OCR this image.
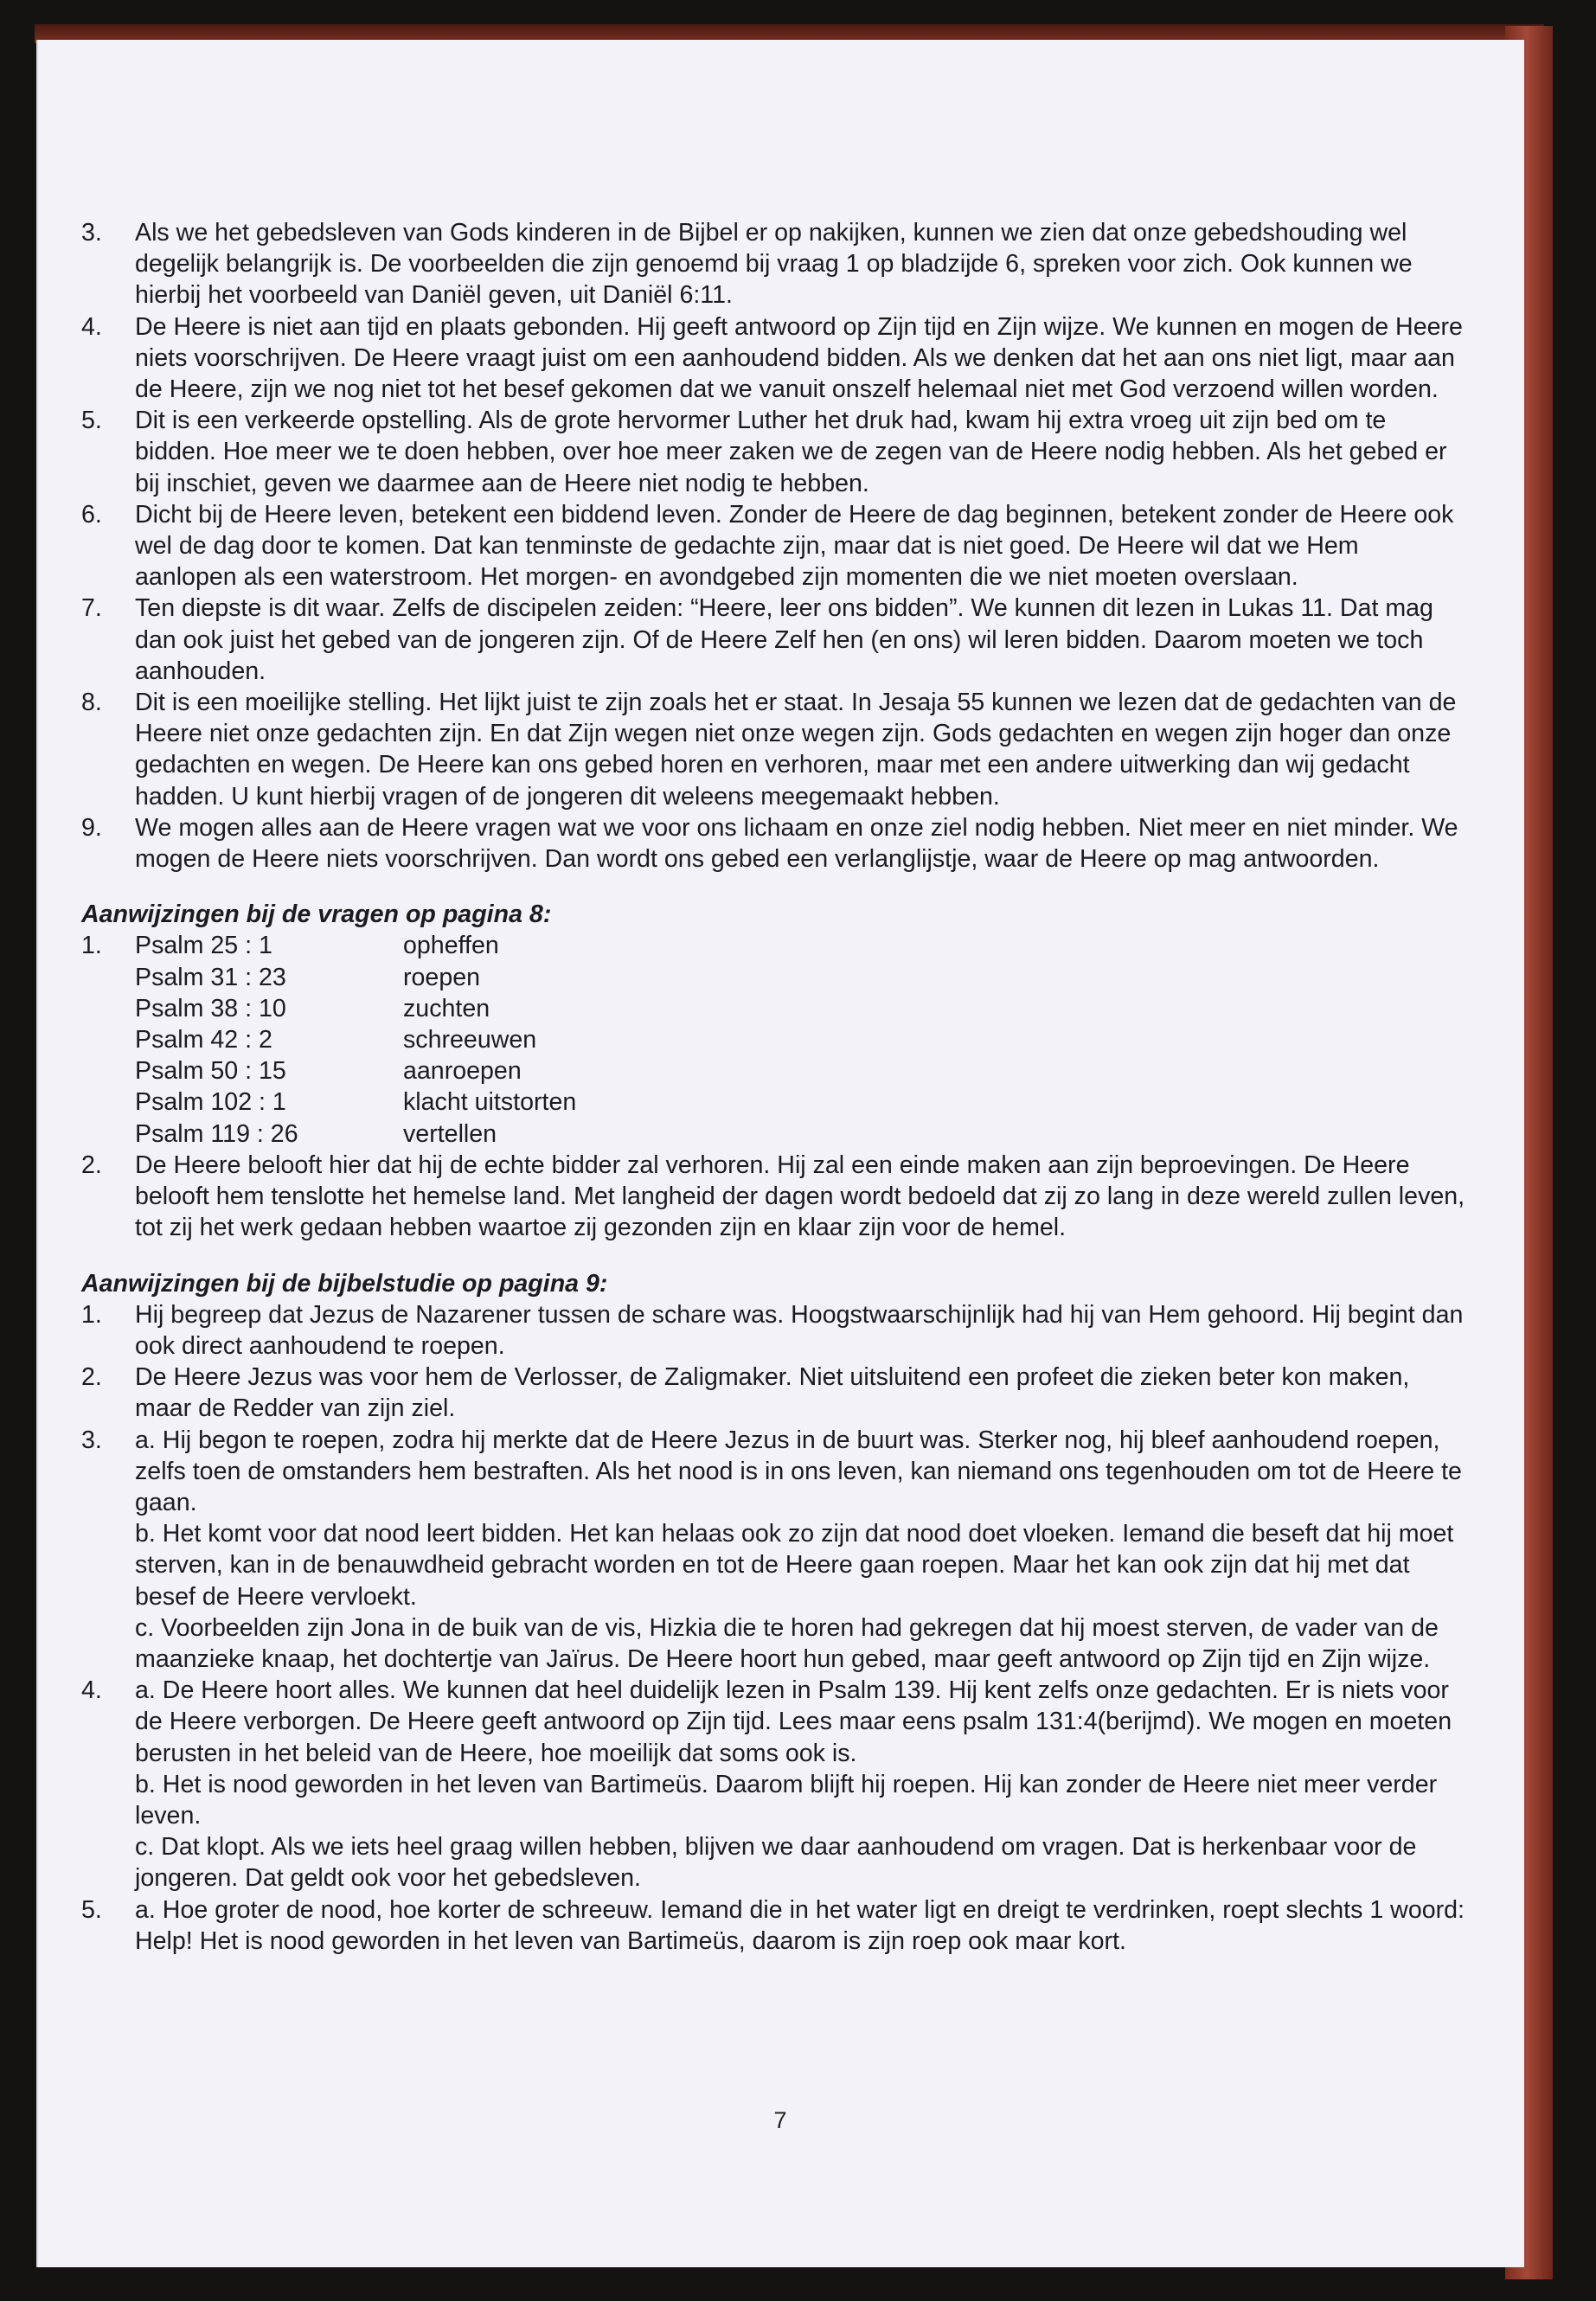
3.	Als we het gebedsleven van Gods kinderen in de Bijbel er op nakijken, kunnen we zien dat onze gebedshouding wel degelijk belangrijk is. De voorbeelden die zijn genoemd bij vraag 1 op bladzijde 6, spreken voor zich. Ook kunnen we hierbij het voorbeeld van Daniël geven, uit Daniël 6:11.
4.	De Heere is niet aan tijd en plaats gebonden. Hij geeft antwoord op Zijn tijd en Zijn wijze. We kunnen en mogen de Heere niets voorschrijven. De Heere vraagt juist om een aanhoudend bidden. Als we denken dat het aan ons niet ligt, maar aan de Heere, zijn we nog niet tot het besef gekomen dat we vanuit onszelf helemaal niet met God verzoend willen worden.
5.	Dit is een verkeerde opstelling. Als de grote hervormer Luther het druk had, kwam hij extra vroeg uit zijn bed om te bidden. Hoe meer we te doen hebben, over hoe meer zaken we de zegen van de Heere nodig hebben. Als het gebed er bij inschiet, geven we daarmee aan de Heere niet nodig te hebben.
6.	Dicht bij de Heere leven, betekent een biddend leven. Zonder de Heere de dag beginnen, betekent zonder de Heere ook wel de dag door te komen. Dat kan tenminste de gedachte zijn, maar dat is niet goed. De Heere wil dat we Hem aanlopen als een waterstroom. Het morgen- en avondgebed zijn momenten die we niet moeten overslaan.
7.	Ten diepste is dit waar. Zelfs de discipelen zeiden: “Heere, leer ons bidden”. We kunnen dit lezen in Lukas 11. Dat mag dan ook juist het gebed van de jongeren zijn. Of de Heere Zelf hen (en ons) wil leren bidden. Daarom moeten we toch aanhouden.
8.	Dit is een moeilijke stelling. Het lijkt juist te zijn zoals het er staat. In Jesaja 55 kunnen we lezen dat de gedachten van de Heere niet onze gedachten zijn. En dat Zijn wegen niet onze wegen zijn. Gods gedachten en wegen zijn hoger dan onze gedachten en wegen. De Heere kan ons gebed horen en verhoren, maar met een andere uitwerking dan wij gedacht hadden. U kunt hierbij vragen of de jongeren dit weleens meegemaakt hebben.
9.	We mogen alles aan de Heere vragen wat we voor ons lichaam en onze ziel nodig hebben. Niet meer en niet minder. We mogen de Heere niets voorschrijven. Dan wordt ons gebed een verlanglijstje, waar de Heere op mag antwoorden.
Aanwijzingen bij de vragen op pagina 8:
1.	Psalm 25 : 1	opheffen
Psalm 31 : 23	roepen
Psalm 38 : 10	zuchten
Psalm 42 : 2	schreeuwen
Psalm 50 : 15	aanroepen
Psalm 102 : 1	klacht uitstorten
Psalm 119 : 26	vertellen
2.	De Heere belooft hier dat hij de echte bidder zal verhoren. Hij zal een einde maken aan zijn beproevingen. De Heere belooft hem tenslotte het hemelse land. Met langheid der dagen wordt bedoeld dat zij zo lang in deze wereld zullen leven, tot zij het werk gedaan hebben waartoe zij gezonden zijn en klaar zijn voor de hemel.
Aanwijzingen bij de bijbelstudie op pagina 9:
1.	Hij begreep dat Jezus de Nazarener tussen de schare was. Hoogstwaarschijnlijk had hij van Hem gehoord. Hij begint dan ook direct aanhoudend te roepen.
2.	De Heere Jezus was voor hem de Verlosser, de Zaligmaker. Niet uitsluitend een profeet die zieken beter kon maken, maar de Redder van zijn ziel.
3.	a. Hij begon te roepen, zodra hij merkte dat de Heere Jezus in de buurt was. Sterker nog, hij bleef aanhoudend roepen, zelfs toen de omstanders hem bestraften. Als het nood is in ons leven, kan niemand ons tegenhouden om tot de Heere te gaan.
b. Het komt voor dat nood leert bidden. Het kan helaas ook zo zijn dat nood doet vloeken. Iemand die beseft dat hij moet sterven, kan in de benauwdheid gebracht worden en tot de Heere gaan roepen. Maar het kan ook zijn dat hij met dat besef de Heere vervloekt.
c. Voorbeelden zijn Jona in de buik van de vis, Hizkia die te horen had gekregen dat hij moest sterven, de vader van de maanzieke knaap, het dochtertje van Jaïrus. De Heere hoort hun gebed, maar geeft antwoord op Zijn tijd en Zijn wijze.
4.	a. De Heere hoort alles. We kunnen dat heel duidelijk lezen in Psalm 139. Hij kent zelfs onze gedachten. Er is niets voor de Heere verborgen. De Heere geeft antwoord op Zijn tijd. Lees maar eens psalm 131:4(berijmd). We mogen en moeten berusten in het beleid van de Heere, hoe moeilijk dat soms ook is.
b. Het is nood geworden in het leven van Bartimeüs. Daarom blijft hij roepen. Hij kan zonder de Heere niet meer verder leven.
c. Dat klopt. Als we iets heel graag willen hebben, blijven we daar aanhoudend om vragen. Dat is herkenbaar voor de jongeren. Dat geldt ook voor het gebedsleven.
5.	a. Hoe groter de nood, hoe korter de schreeuw. Iemand die in het water ligt en dreigt te verdrinken, roept slechts 1 woord: Help! Het is nood geworden in het leven van Bartimeüs, daarom is zijn roep ook maar kort.
7
